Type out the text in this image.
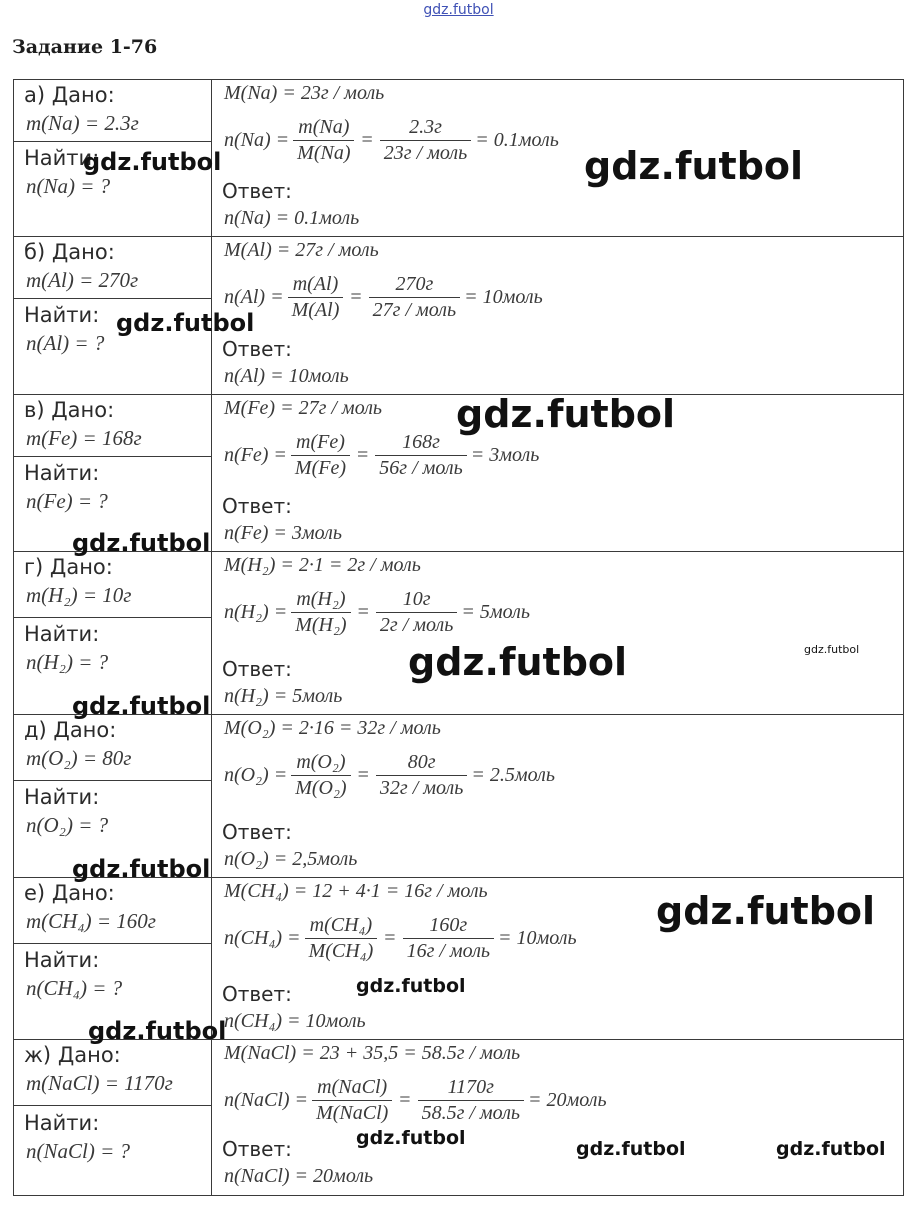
gdz.futbol
Задание 1-76
а) Дано:
m(Na) = 2.3г
Найти:
n(Na) = ?
M(Na) = 23г / моль
$n(Na) = \frac{m(Na)}{M(Na)} = \frac{2.3г}{\text{23г / моль}}$ = 0.1моль
Ответ:
n(Na) = 0.1моль
б) Дано:
m(Al) = 270г
Найти:
n(Al) = ?
M(Al) = 27г / моль
$n(Al) = \frac{m(Al)}{M(Al)} = \frac{270г}{\text{27г / моль}}$ = 10моль
Ответ:
n(Al) = 10моль
в) Дано:
m(Fe) = 168г
Найти:
n(Fe) = ?
M(Fe) = 27г / моль
$n(Fe) = \frac{m(Fe)}{M(Fe)} = \frac{168г}{\text{56г / моль}}$ = 3моль
Ответ:
n(Fe) = 3моль
г) Дано:
m(H₂) = 10г
Найти:
n(H₂) = ?
M(H₂) = 2·1 = 2г / моль
$n(H_2) = \frac{\text{m(H₂)}}{\text{M(H₂)}} = \frac{10г}{\text{2г / моль}}$ = 5моль
Ответ:
n(H₂) = 5моль
д) Дано:
m(O₂) = 80г
Найти:
n(O₂) = ?
M(O₂) = 2·16 = 32г / моль
$n(O_2) = \frac{\text{m(O₂)}}{\text{M(O₂)}} = \frac{80г}{\text{32г / моль}}$ = 2.5моль
Ответ:
n(O₂) = 2,5моль
е) Дано:
m(CH₄) = 160г
Найти:
n(CH₄) = ?
M(CH₄) = 12 + 4·1 = 16г / моль
$n(CH_4) = \frac{\text{m(CH₄)}}{\text{M(CH₄)}} = \frac{160г}{\text{16г / моль}}$ = 10моль
Ответ:
n(CH₄) = 10моль
ж) Дано:
m(NaCl) = 1170г
Найти:
n(NaCl) = ?
M(NaCl) = 23 + 35,5 = 58.5г / моль
n(NaCl) = $\frac{\text{m(NaCl)}}{\text{M(NaCl)}} = \frac{1170г}{\text{58.5г / моль}}$ = 20моль
Ответ:
n(NaCl) = 20моль
gdz.futbol	gdz.futbol
gdz.futbol
gdz.futbol
gdz.futbol
gdz.futbol	gdz.futbol
gdz.futbol
gdz.futbol
gdz.futbol
gdz.futbol
gdz.futbol
gdz.futbol	gdz.futbol	gdz.futbol
